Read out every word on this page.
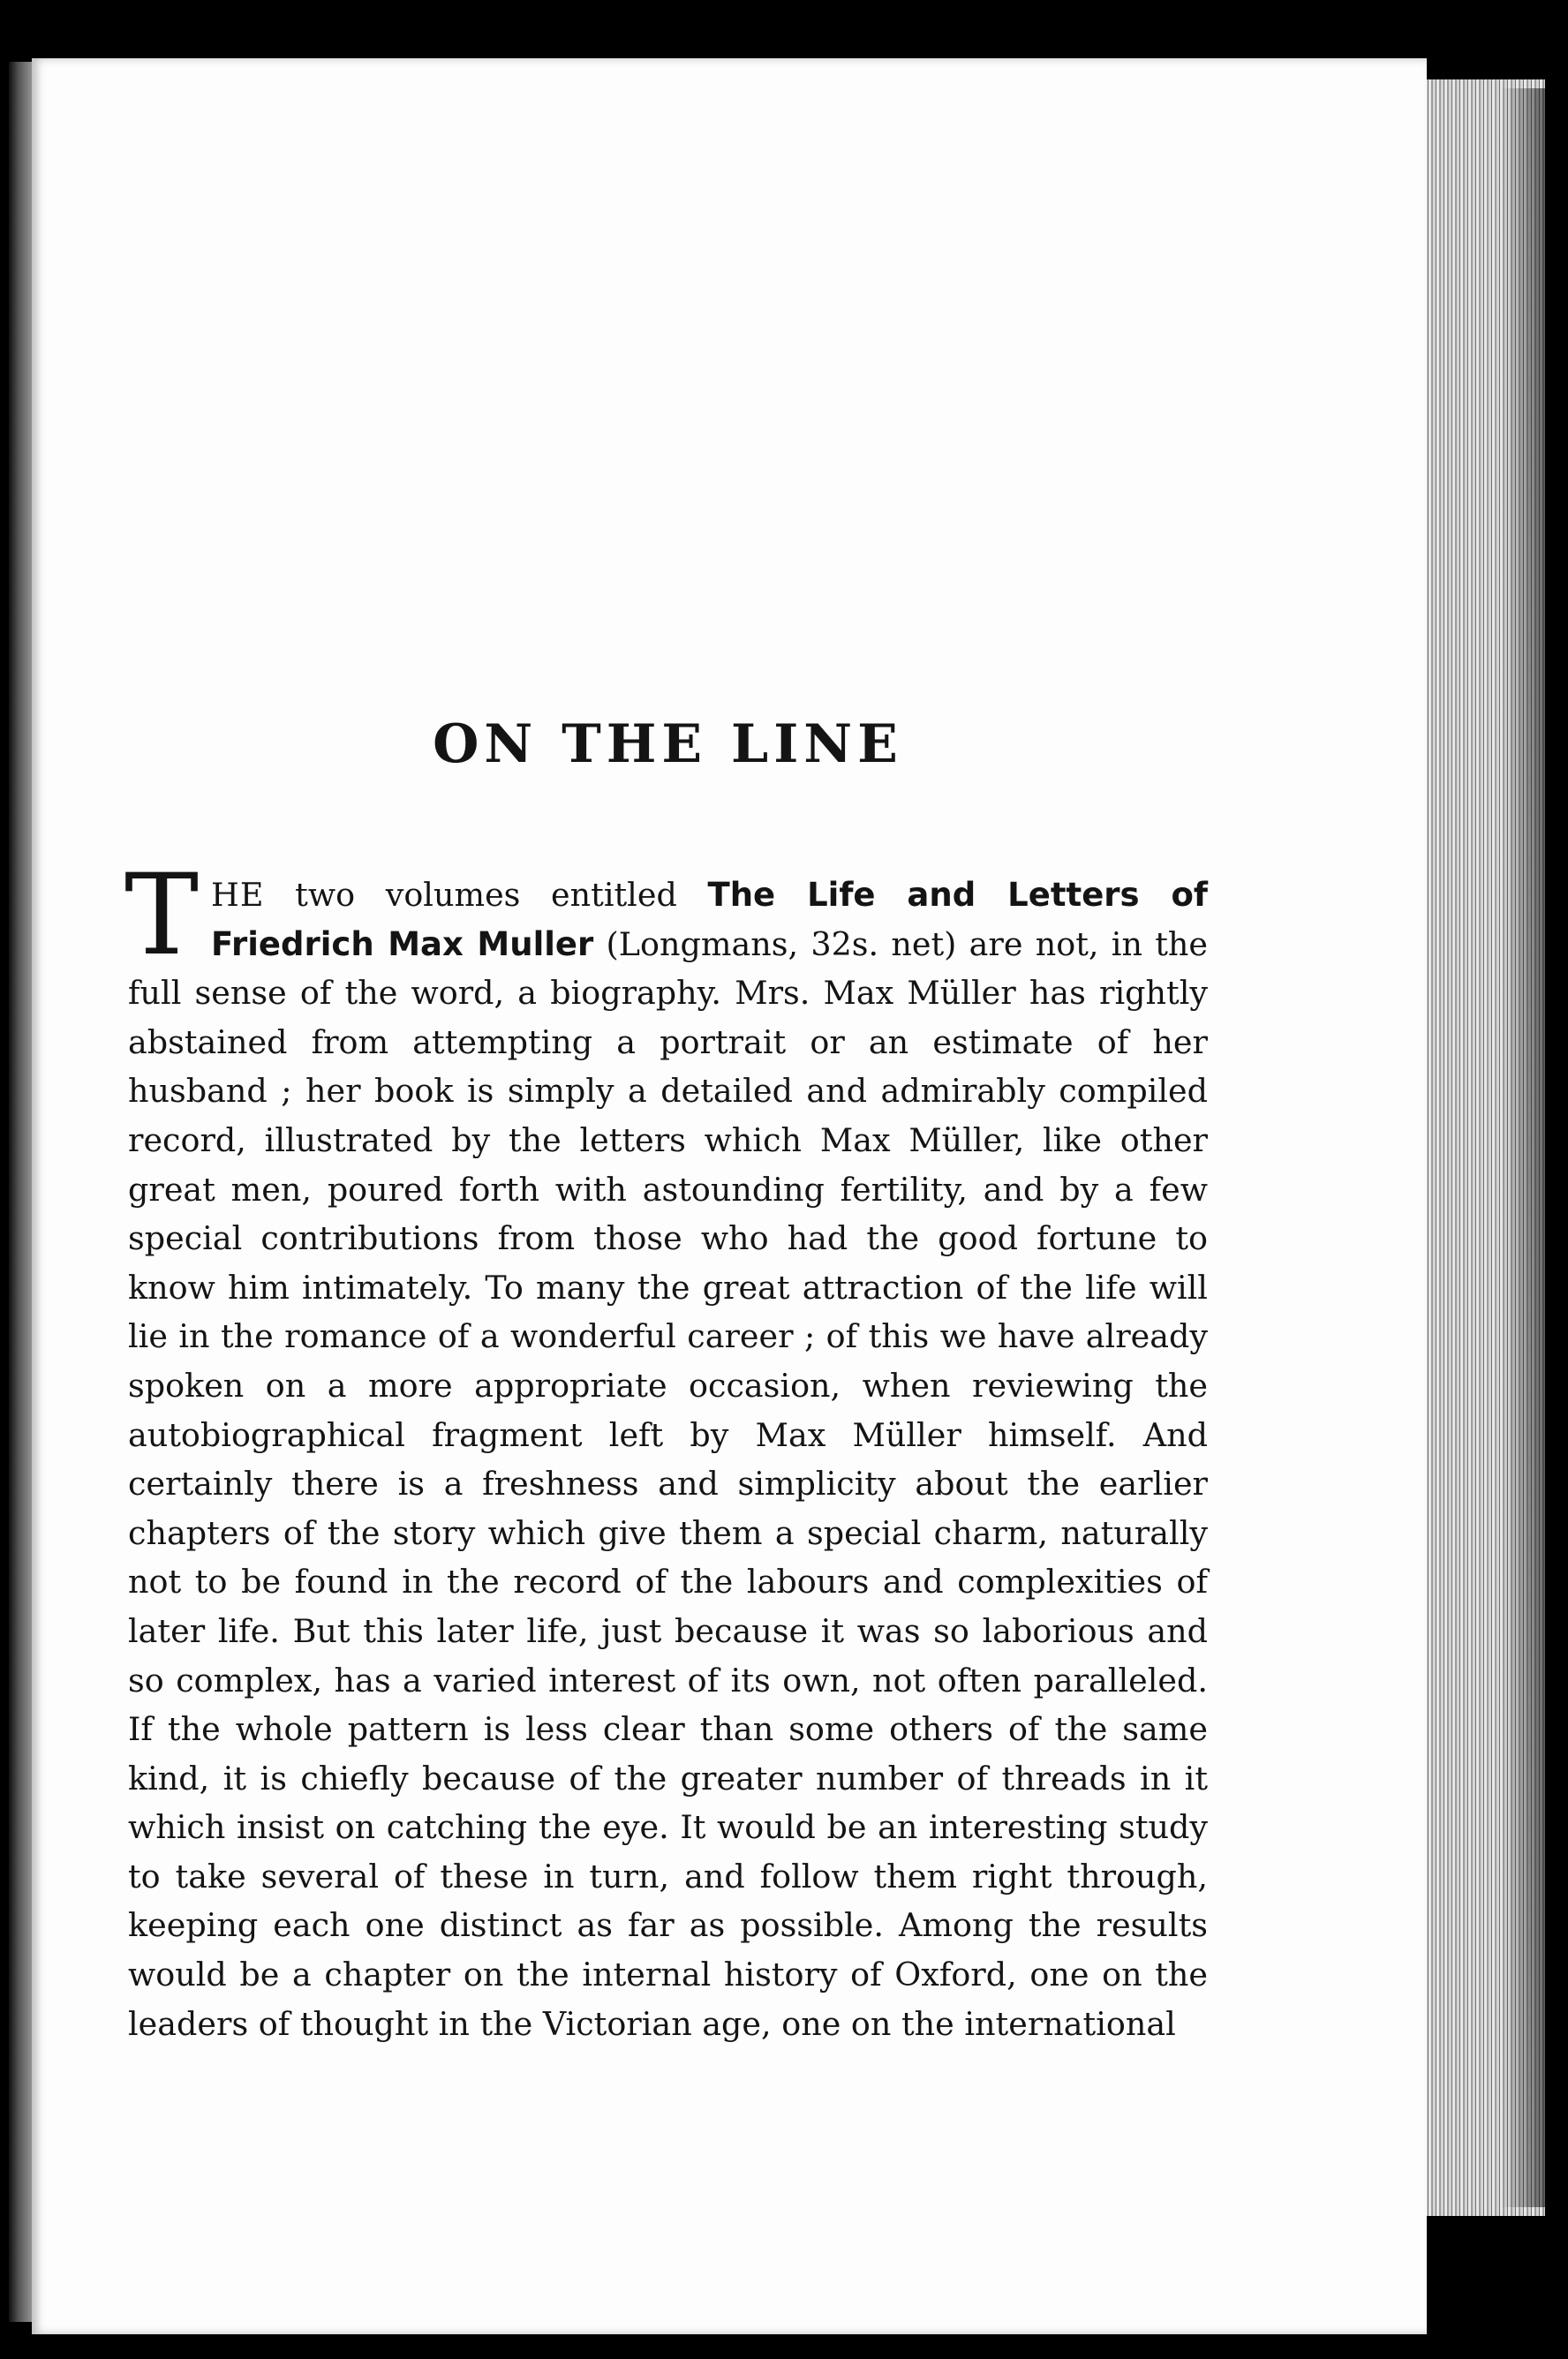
ON THE LINE
THE two volumes entitled The Life and Letters of Friedrich Max Muller (Longmans, 32s. net) are not, in the full sense of the word, a biography. Mrs. Max Müller has rightly abstained from attempting a portrait or an estimate of her husband ; her book is simply a detailed and admirably compiled record, illustrated by the letters which Max Müller, like other great men, poured forth with astounding fertility, and by a few special contributions from those who had the good fortune to know him intimately. To many the great attraction of the life will lie in the romance of a wonderful career ; of this we have already spoken on a more appropriate occasion, when reviewing the autobiographical fragment left by Max Müller himself. And certainly there is a freshness and simplicity about the earlier chapters of the story which give them a special charm, naturally not to be found in the record of the labours and complexities of later life. But this later life, just because it was so laborious and so complex, has a varied interest of its own, not often paralleled. If the whole pattern is less clear than some others of the same kind, it is chiefly because of the greater number of threads in it which insist on catching the eye. It would be an interesting study to take several of these in turn, and follow them right through, keeping each one distinct as far as possible. Among the results would be a chapter on the internal history of Oxford, one on the leaders of thought in the Victorian age, one on the international
